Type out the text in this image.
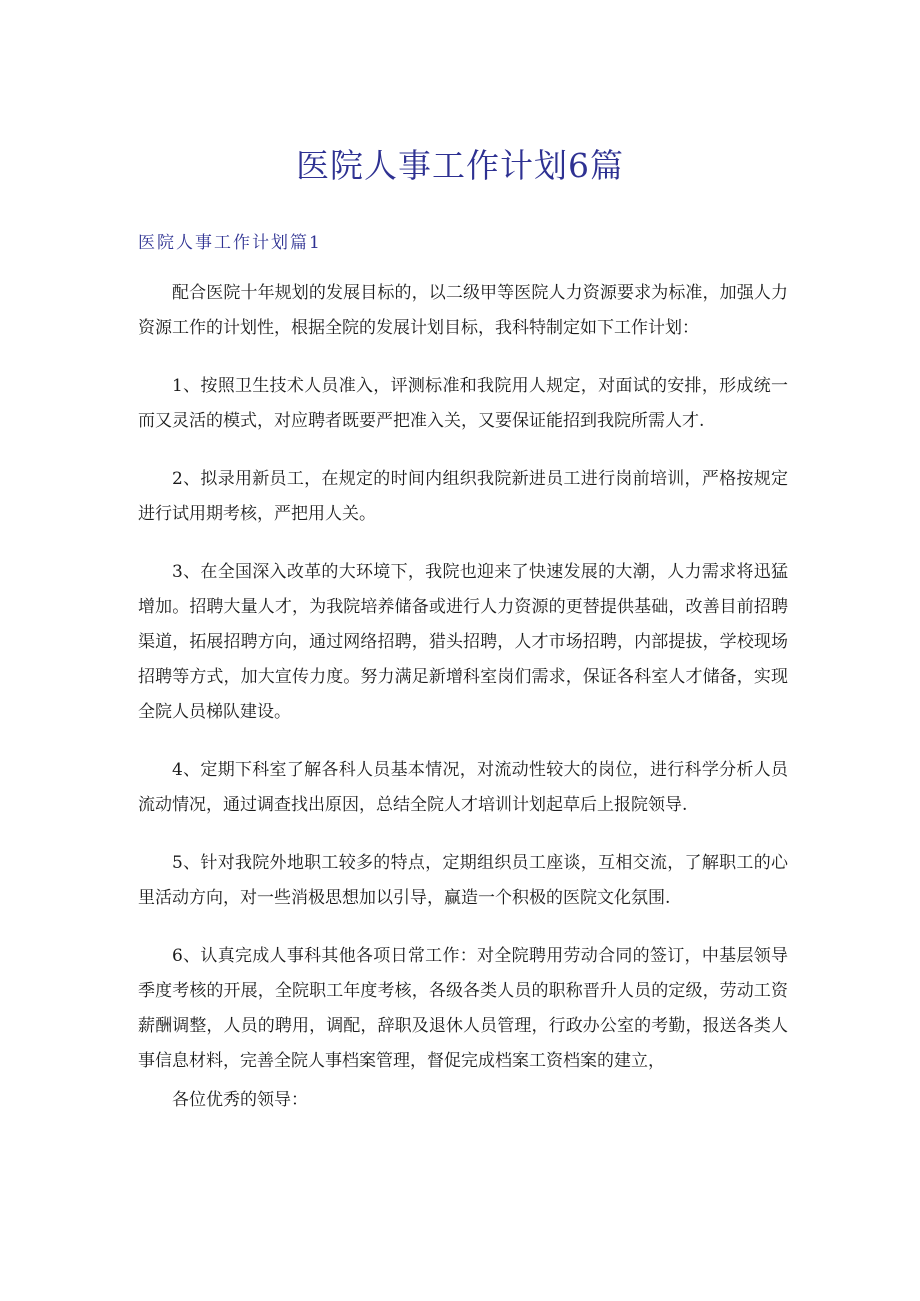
医院人事工作计划6篇
医院人事工作计划篇1

配合医院十年规划的发展目标的，以二级甲等医院人力资源要求为标准，加强人力资源工作的计划性，根据全院的发展计划目标，我科特制定如下工作计划：

1、按照卫生技术人员准入，评测标准和我院用人规定，对面试的安排，形成统一而又灵活的模式，对应聘者既要严把准入关，又要保证能招到我院所需人才.

2、拟录用新员工，在规定的时间内组织我院新进员工进行岗前培训，严格按规定进行试用期考核，严把用人关。

3、在全国深入改革的大环境下，我院也迎来了快速发展的大潮，人力需求将迅猛增加。招聘大量人才，为我院培养储备或进行人力资源的更替提供基础，改善目前招聘渠道，拓展招聘方向，通过网络招聘，猎头招聘，人才市场招聘，内部提拔，学校现场招聘等方式，加大宣传力度。努力满足新增科室岗们需求，保证各科室人才储备，实现全院人员梯队建设。

4、定期下科室了解各科人员基本情况，对流动性较大的岗位，进行科学分析人员流动情况，通过调查找出原因，总结全院人才培训计划起草后上报院领导.

5、针对我院外地职工较多的特点，定期组织员工座谈，互相交流，了解职工的心里活动方向，对一些消极思想加以引导，赢造一个积极的医院文化氛围.

6、认真完成人事科其他各项日常工作：对全院聘用劳动合同的签订，中基层领导季度考核的开展，全院职工年度考核，各级各类人员的职称晋升人员的定级，劳动工资薪酬调整，人员的聘用，调配，辞职及退休人员管理，行政办公室的考勤，报送各类人事信息材料，完善全院人事档案管理，督促完成档案工资档案的建立，

各位优秀的领导：
